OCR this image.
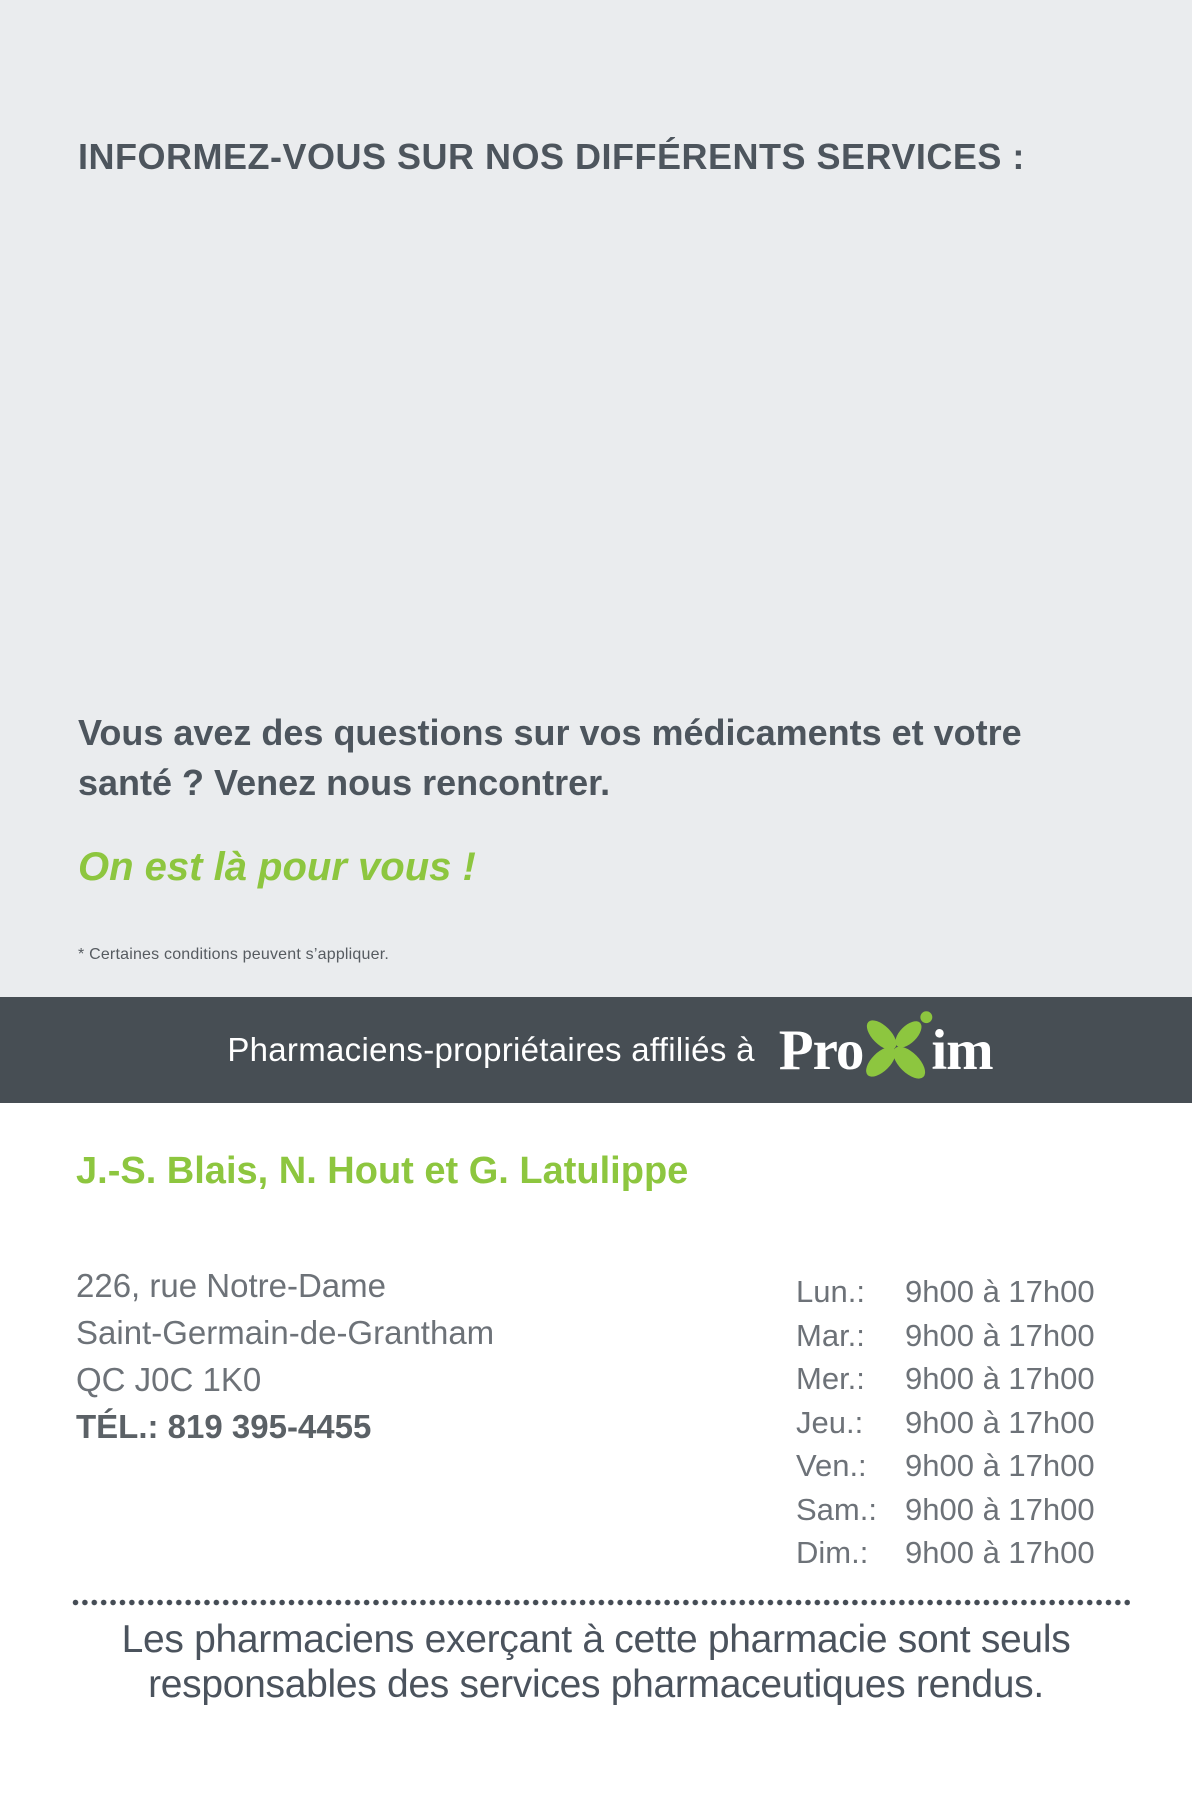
INFORMEZ-VOUS SUR NOS DIFFÉRENTS SERVICES :

Vous avez des questions sur vos médicaments et votre
santé ? Venez nous rencontrer.

On est là pour vous !

* Certaines conditions peuvent s’appliquer.

Pharmaciens-propriétaires affiliés à Pro im
J.-S. Blais, N. Hout et G. Latulippe

226, rue Notre-Dame

Saint-Germain-de-Grantham

QC J0C 1K0

TÉL.: 819 395-4455

Lun.:	9h00 à 17h00
Mar.:	9h00 à 17h00
Mer.:	9h00 à 17h00
Jeu.:	9h00 à 17h00
Ven.:	9h00 à 17h00
Sam.:	9h00 à 17h00
Dim.:	9h00 à 17h00

Les pharmaciens exerçant à cette pharmacie sont seuls
responsables des services pharmaceutiques rendus.
